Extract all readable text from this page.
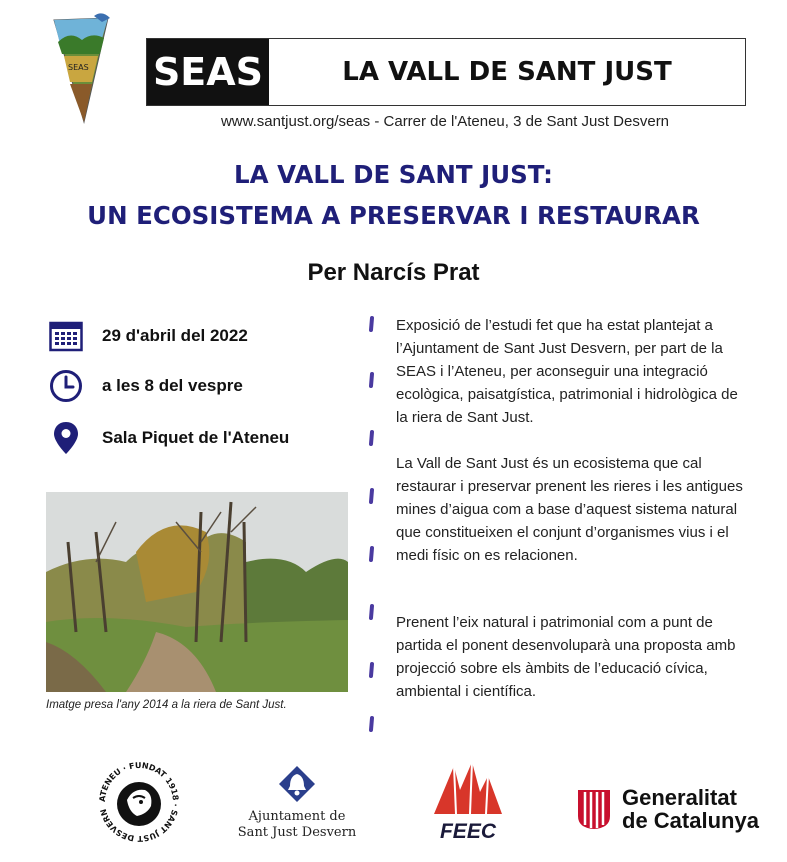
SEAS SEAS	LA VALL DE SANT JUST
www.santjust.org/seas - Carrer de l'Ateneu, 3 de Sant Just Desvern
LA VALL DE SANT JUST:
UN ECOSISTEMA A PRESERVAR I RESTAURAR
Per Narcís Prat
29 d'abril del 2022
a les 8 del vespre
Sala Piquet de l'Ateneu
Imatge presa l'any 2014 a la riera de Sant Just.
Exposició de l’estudi fet que ha estat plantejat a l’Ajuntament de Sant Just Desvern, per part de la SEAS i l’Ateneu, per aconseguir una integració ecològica, paisatgística, patrimonial i hidrològica de la riera de Sant Just.
La Vall de Sant Just és un ecosistema que cal restaurar i preservar prenent les rieres i les antigues mines d’aigua com a base d’aquest sistema natural que constitueixen el conjunt d’organismes vius i el medi físic on es relacionen.
Prenent l’eix natural i patrimonial com a punt de partida el ponent desenvoluparà una proposta amb projecció sobre els àmbits de l’educació cívica, ambiental i científica.
ATENEU · FUNDAT 1918 · SANT JUST DESVERN	Ajuntament de
Sant Just Desvern	FEEC
Generalitat
de Catalunya
